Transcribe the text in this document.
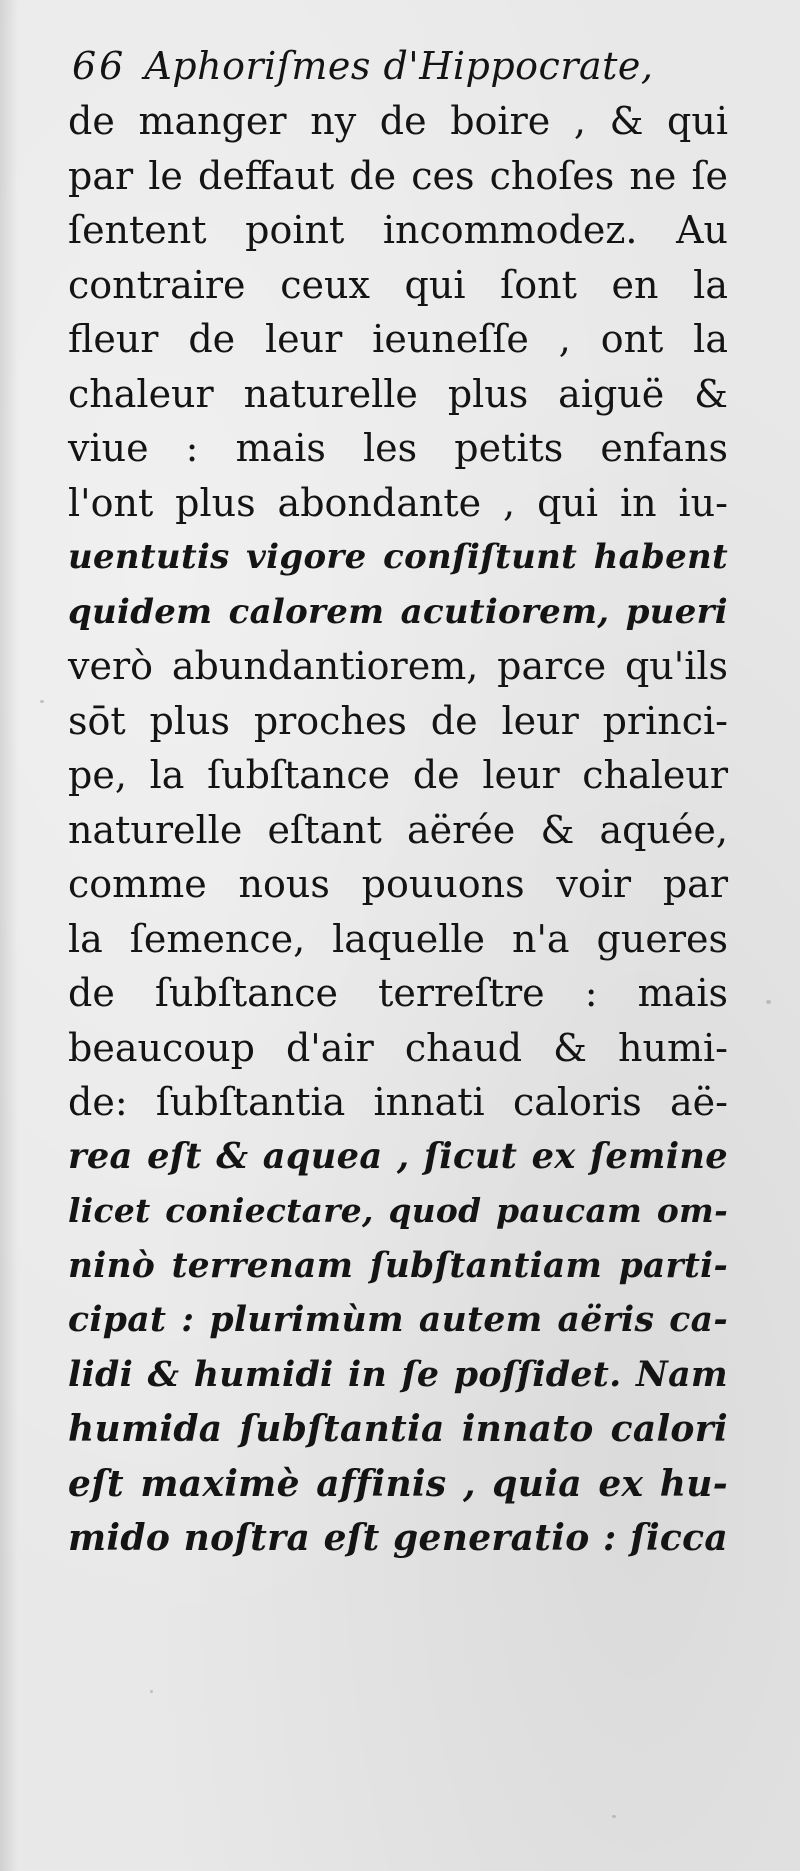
66 Aphoriſmes d'Hippocrate,
de manger ny de boire , & qui
par le deffaut de ces choſes ne ſe
ſentent point incommodez. Au
contraire ceux qui ſont en la
fleur de leur ieuneſſe , ont la
chaleur naturelle plus aiguë &
viue : mais les petits enfans
l'ont plus abondante , qui in iu-
uentutis vigore conſiſtunt habent
quidem calorem acutiorem, pueri
verò abundantiorem, parce qu'ils
sōt plus proches de leur princi-
pe, la ſubſtance de leur chaleur
naturelle eſtant aërée & aquée,
comme nous pouuons voir par
la ſemence, laquelle n'a gueres
de ſubſtance terreſtre : mais
beaucoup d'air chaud & humi-
de: ſubſtantia innati caloris aë-
rea eſt & aquea , ſicut ex ſemine
licet coniectare, quod paucam om-
ninò terrenam ſubſtantiam parti-
cipat : plurimùm autem aëris ca-
lidi & humidi in ſe poſſidet. Nam
humida ſubſtantia innato calori
eſt maximè affinis , quia ex hu-
mido noſtra eſt generatio : ſicca
